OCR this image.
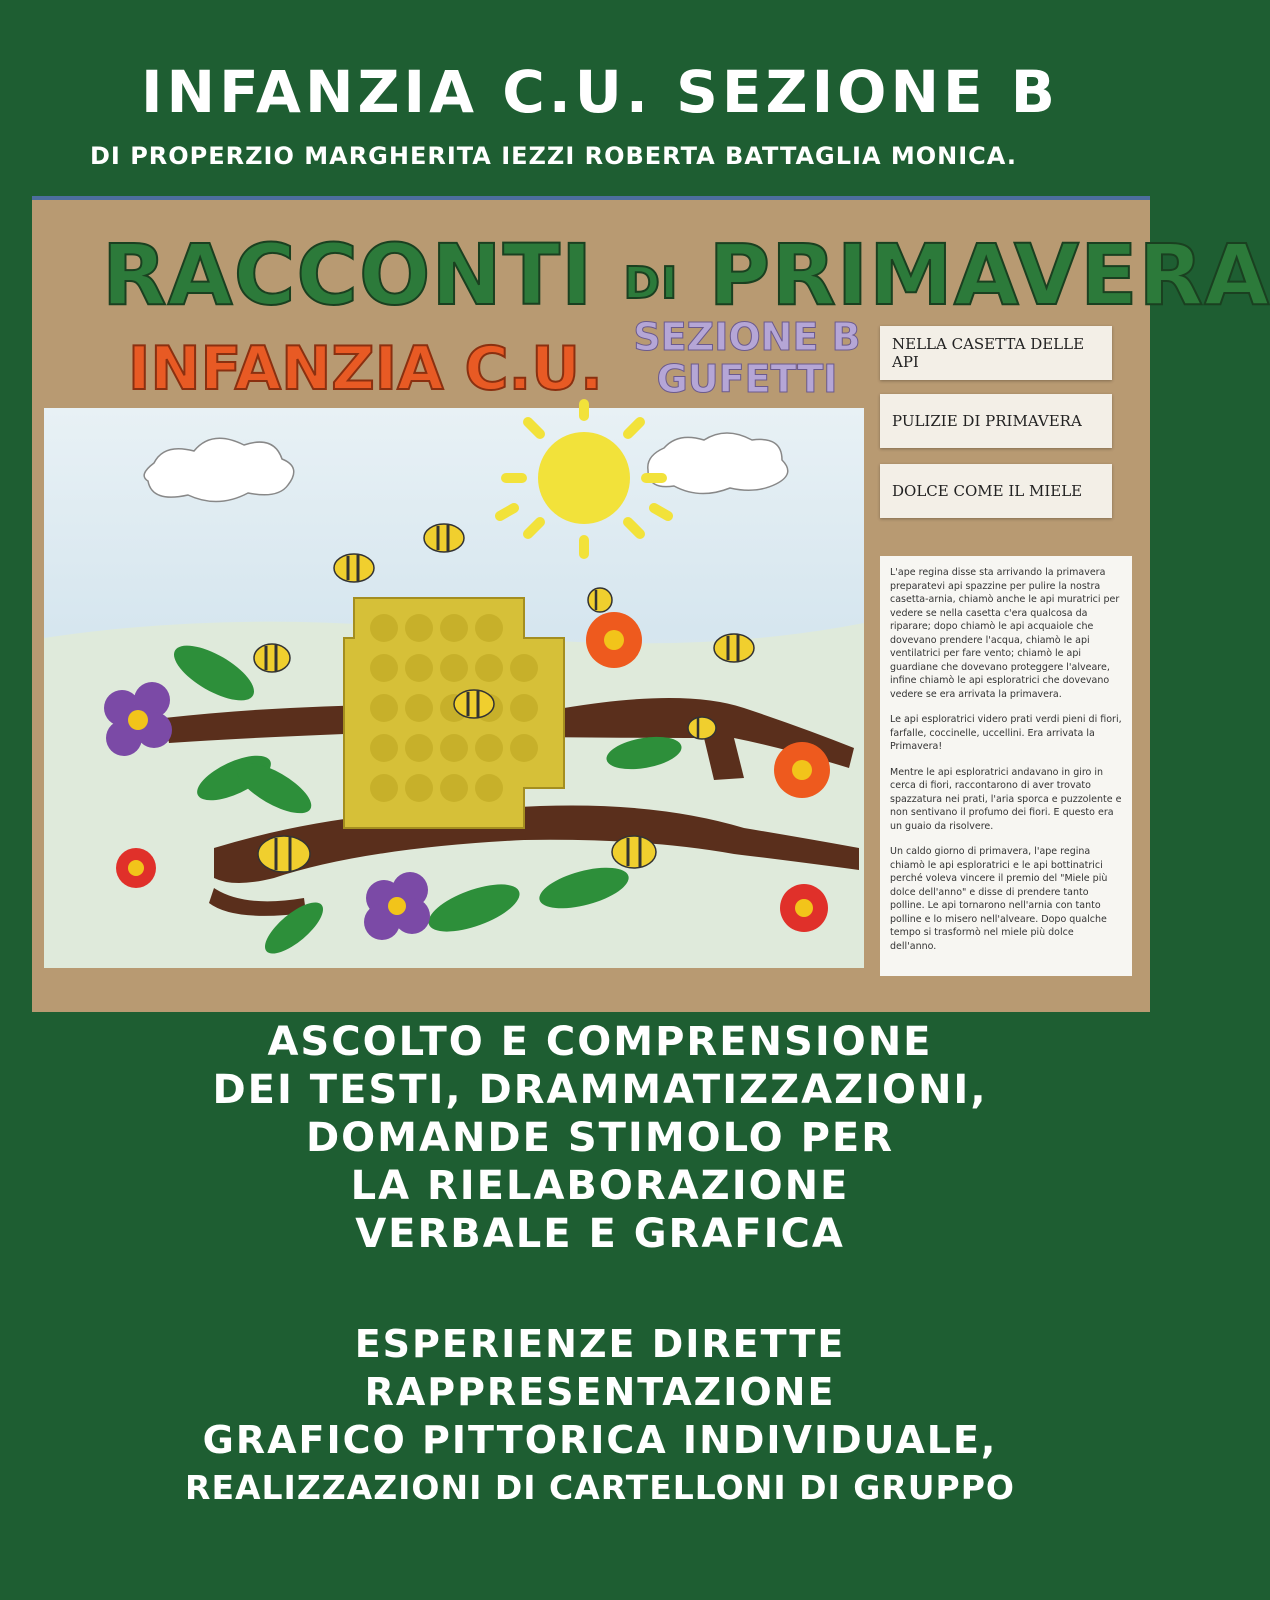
INFANZIA C.U. SEZIONE B
DI PROPERZIO MARGHERITA IEZZI ROBERTA BATTAGLIA MONICA.
RACCONTI DI PRIMAVERA
INFANZIA C.U. SEZIONE B
GUFETTI
NELLA CASETTA DELLE API
PULIZIE DI PRIMAVERA
DOLCE COME IL MIELE

L'ape regina disse sta arrivando la primavera preparatevi api spazzine per pulire la nostra casetta-arnia, chiamò anche le api muratrici per vedere se nella casetta c'era qualcosa da riparare; dopo chiamò le api acquaiole che dovevano prendere l'acqua, chiamò le api ventilatrici per fare vento; chiamò le api guardiane che dovevano proteggere l'alveare, infine chiamò le api esploratrici che dovevano vedere se era arrivata la primavera.

Le api esploratrici videro prati verdi pieni di fiori, farfalle, coccinelle, uccellini. Era arrivata la Primavera!

Mentre le api esploratrici andavano in giro in cerca di fiori, raccontarono di aver trovato spazzatura nei prati, l'aria sporca e puzzolente e non sentivano il profumo dei fiori. E questo era un guaio da risolvere.

Un caldo giorno di primavera, l'ape regina chiamò le api esploratrici e le api bottinatrici perché voleva vincere il premio del "Miele più dolce dell'anno" e disse di prendere tanto polline. Le api tornarono nell'arnia con tanto polline e lo misero nell'alveare. Dopo qualche tempo si trasformò nel miele più dolce dell'anno.

ASCOLTO E COMPRENSIONE
DEI TESTI, DRAMMATIZZAZIONI,
DOMANDE STIMOLO PER
LA RIELABORAZIONE
VERBALE E GRAFICA
ESPERIENZE DIRETTE
RAPPRESENTAZIONE
GRAFICO PITTORICA INDIVIDUALE,
REALIZZAZIONI DI CARTELLONI DI GRUPPO
